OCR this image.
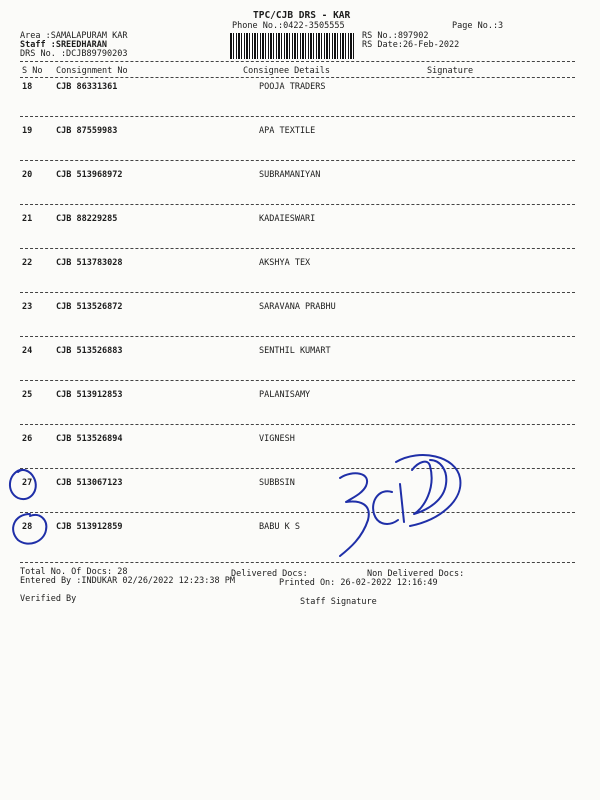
TPC/CJB DRS - KAR
Phone No.:0422-3505555	Page No.:3
Area :SAMALAPURAM KAR
Staff :SREEDHARAN
DRS No. :DCJB89790203
RS No.:897902
RS Date:26-Feb-2022
S No Consignment No	Consignee Details	Signature
18	CJB 86331361	POOJA TRADERS
19	CJB 87559983	APA TEXTILE
20	CJB 513968972	SUBRAMANIYAN
21	CJB 88229285	KADAIESWARI
22	CJB 513783028	AKSHYA TEX
23	CJB 513526872	SARAVANA PRABHU
24	CJB 513526883	SENTHIL KUMART
25	CJB 513912853	PALANISAMY
26	CJB 513526894	VIGNESH
27	CJB 513067123	SUBBSIN
28	CJB 513912859	BABU K S
Total No. Of Docs: 28	Delivered Docs:	Non Delivered Docs:
Entered By :INDUKAR 02/26/2022 12:23:38 PM	Printed On: 26-02-2022 12:16:49
Verified By	Staff Signature
